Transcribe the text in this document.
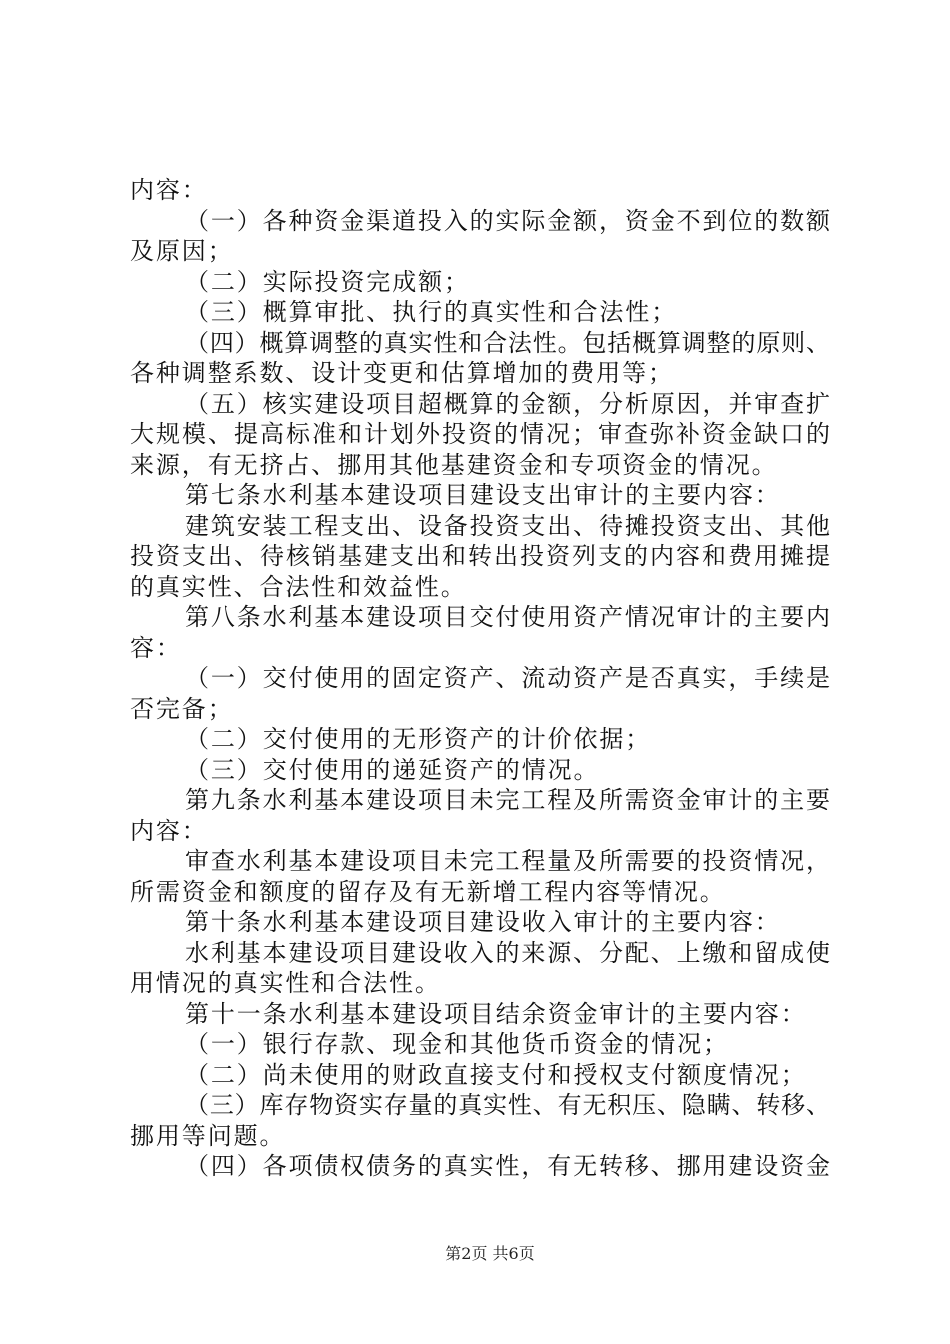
内容：
（一）各种资金渠道投入的实际金额，资金不到位的数额
及原因；
（二）实际投资完成额；
（三）概算审批、执行的真实性和合法性；
（四）概算调整的真实性和合法性。包括概算调整的原则、
各种调整系数、设计变更和估算增加的费用等；
（五）核实建设项目超概算的金额，分析原因，并审查扩
大规模、提高标准和计划外投资的情况；审查弥补资金缺口的
来源，有无挤占、挪用其他基建资金和专项资金的情况。
第七条水利基本建设项目建设支出审计的主要内容：
建筑安装工程支出、设备投资支出、待摊投资支出、其他
投资支出、待核销基建支出和转出投资列支的内容和费用摊提
的真实性、合法性和效益性。
第八条水利基本建设项目交付使用资产情况审计的主要内
容：
（一）交付使用的固定资产、流动资产是否真实，手续是
否完备；
（二）交付使用的无形资产的计价依据；
（三）交付使用的递延资产的情况。
第九条水利基本建设项目未完工程及所需资金审计的主要
内容：
审查水利基本建设项目未完工程量及所需要的投资情况，
所需资金和额度的留存及有无新增工程内容等情况。
第十条水利基本建设项目建设收入审计的主要内容：
水利基本建设项目建设收入的来源、分配、上缴和留成使
用情况的真实性和合法性。
第十一条水利基本建设项目结余资金审计的主要内容：
（一）银行存款、现金和其他货币资金的情况；
（二）尚未使用的财政直接支付和授权支付额度情况；
（三）库存物资实存量的真实性、有无积压、隐瞒、转移、
挪用等问题。
（四）各项债权债务的真实性，有无转移、挪用建设资金
第2页 共6页
